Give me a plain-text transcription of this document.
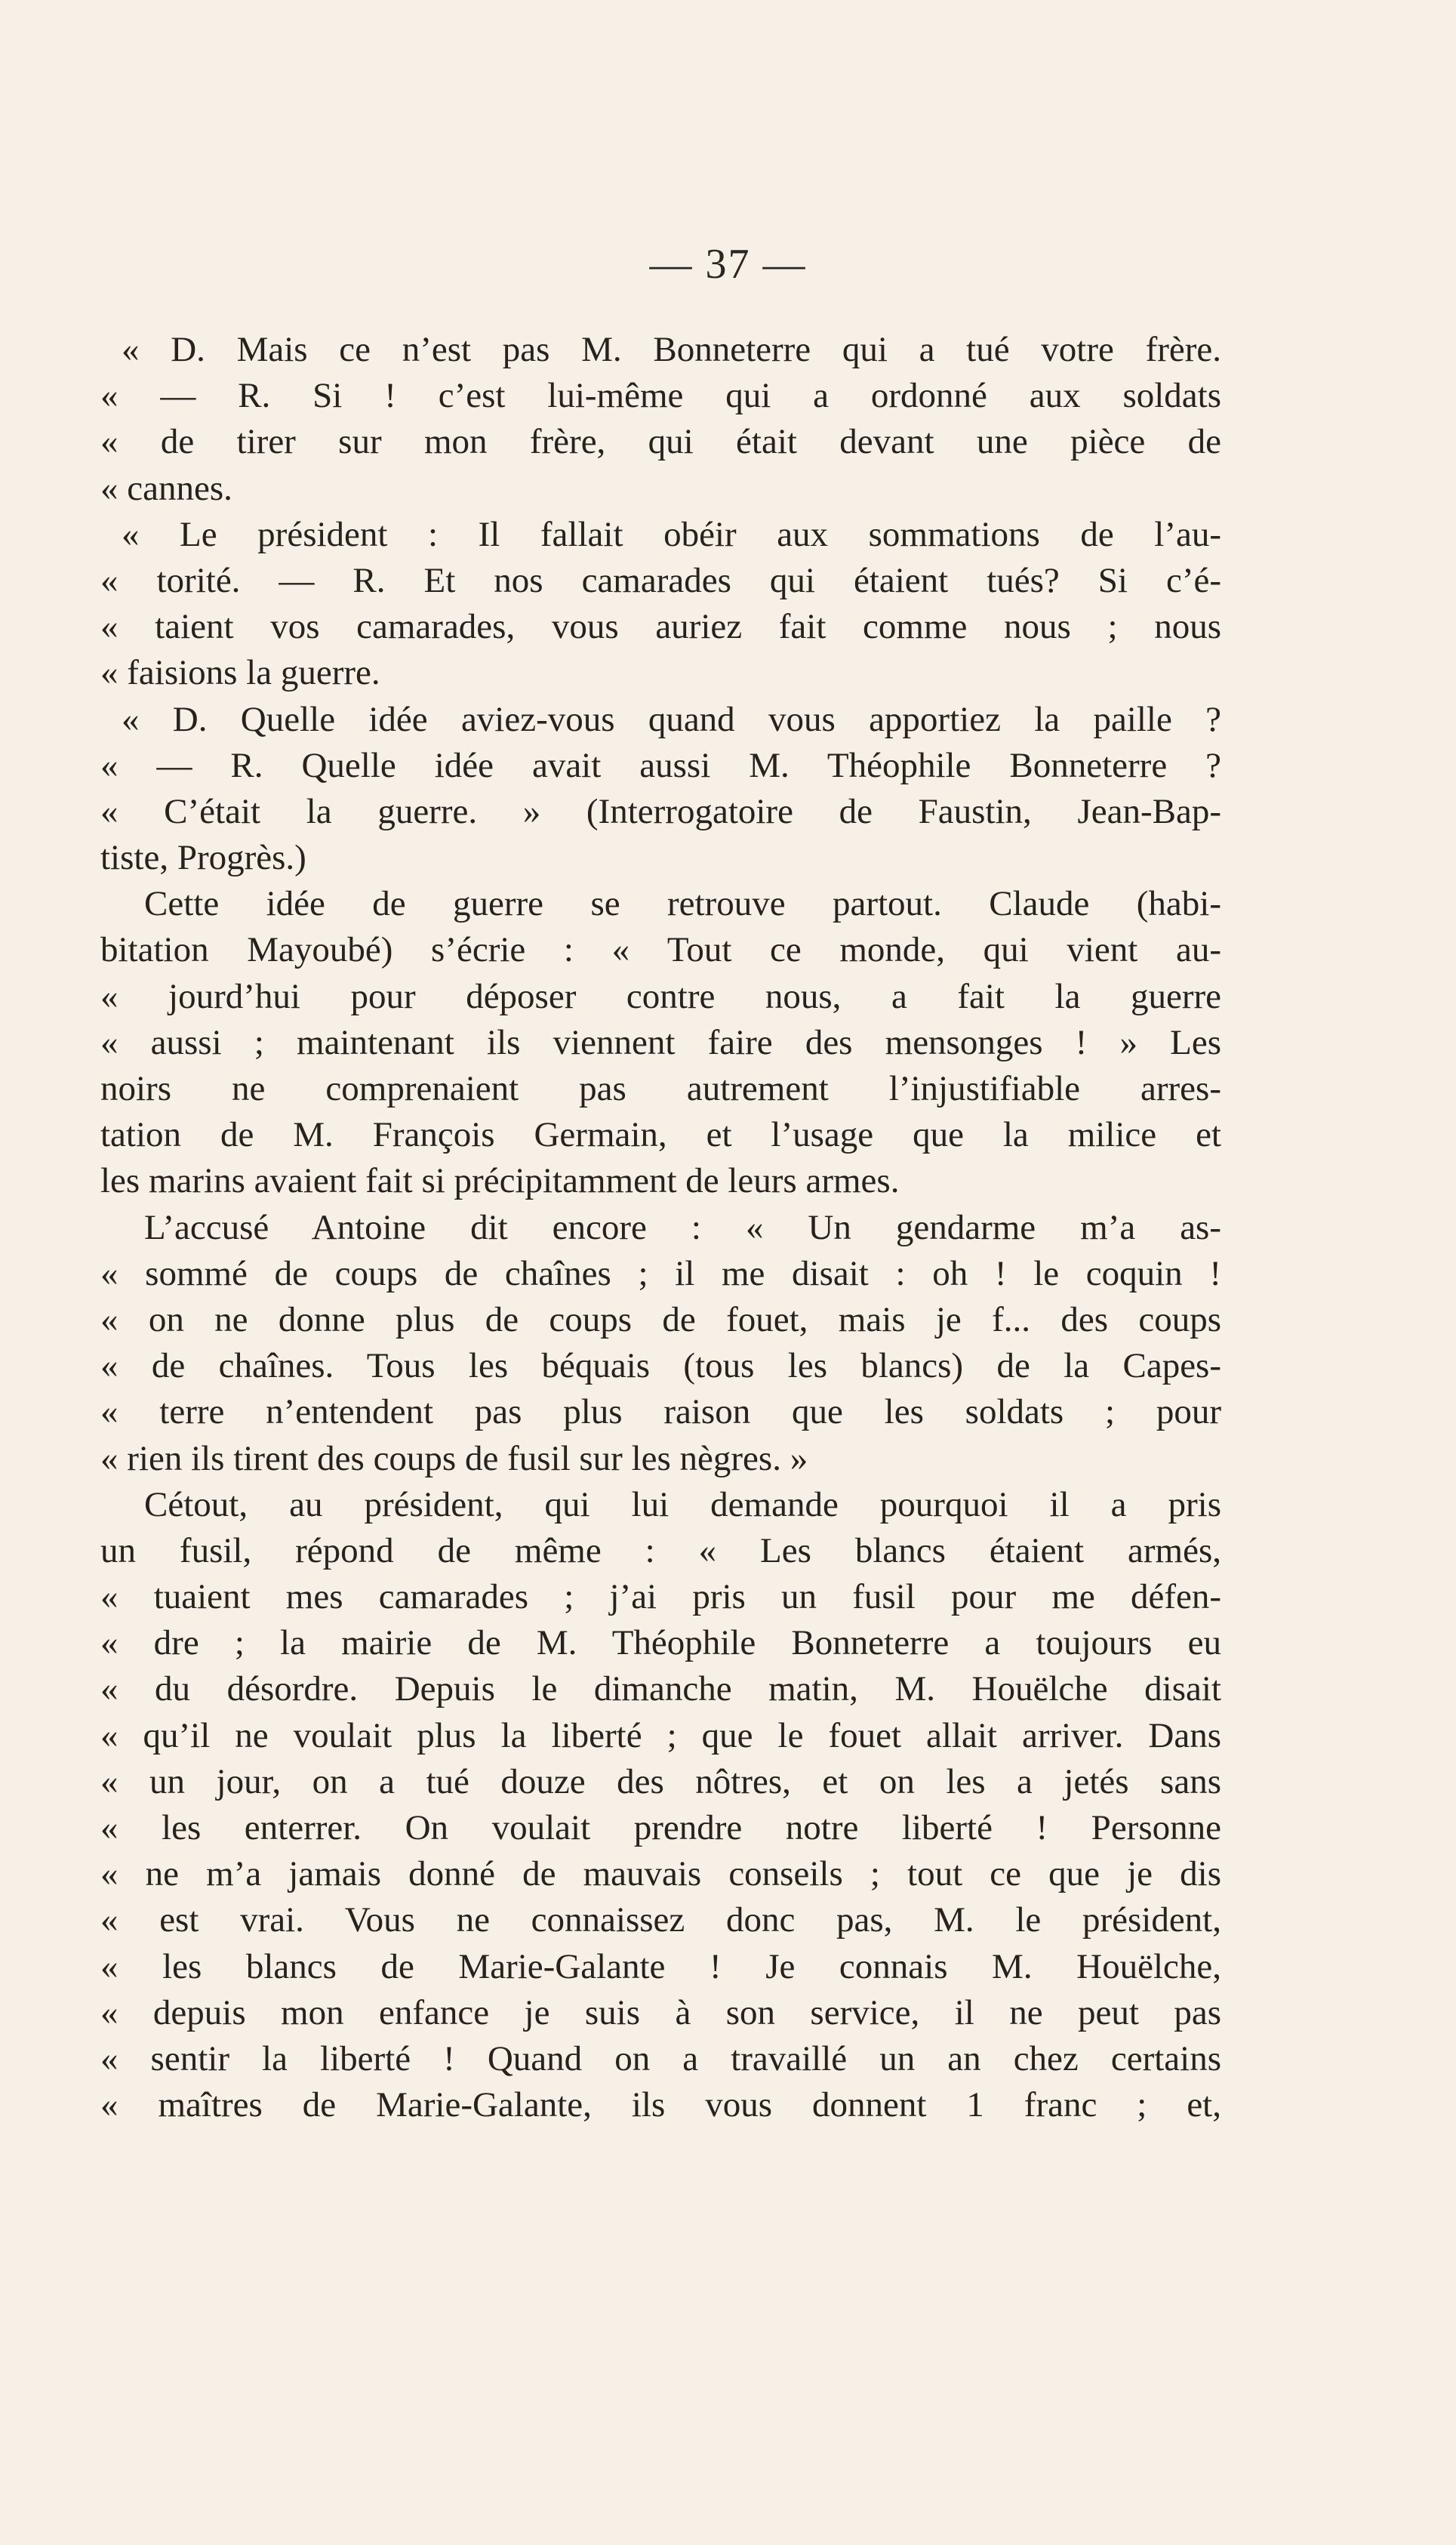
— 37 —
« D. Mais ce n’est pas M. Bonneterre qui a tué votre frère.
« — R. Si ! c’est lui-même qui a ordonné aux soldats
« de tirer sur mon frère, qui était devant une pièce de
« cannes.
« Le président : Il fallait obéir aux sommations de l’au-
« torité. — R. Et nos camarades qui étaient tués? Si c’é-
« taient vos camarades, vous auriez fait comme nous ; nous
« faisions la guerre.
« D. Quelle idée aviez-vous quand vous apportiez la paille ?
« — R. Quelle idée avait aussi M. Théophile Bonneterre ?
« C’était la guerre. » (Interrogatoire de Faustin, Jean-Bap-
tiste, Progrès.)
Cette idée de guerre se retrouve partout. Claude (habi-
bitation Mayoubé) s’écrie : « Tout ce monde, qui vient au-
« jourd’hui pour déposer contre nous, a fait la guerre
« aussi ; maintenant ils viennent faire des mensonges ! » Les
noirs ne comprenaient pas autrement l’injustifiable arres-
tation de M. François Germain, et l’usage que la milice et
les marins avaient fait si précipitamment de leurs armes.
L’accusé Antoine dit encore : « Un gendarme m’a as-
« sommé de coups de chaînes ; il me disait : oh ! le coquin !
« on ne donne plus de coups de fouet, mais je f... des coups
« de chaînes. Tous les béquais (tous les blancs) de la Capes-
« terre n’entendent pas plus raison que les soldats ; pour
« rien ils tirent des coups de fusil sur les nègres. »
Cétout, au président, qui lui demande pourquoi il a pris
un fusil, répond de même : « Les blancs étaient armés,
« tuaient mes camarades ; j’ai pris un fusil pour me défen-
« dre ; la mairie de M. Théophile Bonneterre a toujours eu
« du désordre. Depuis le dimanche matin, M. Houëlche disait
« qu’il ne voulait plus la liberté ; que le fouet allait arriver. Dans
« un jour, on a tué douze des nôtres, et on les a jetés sans
« les enterrer. On voulait prendre notre liberté ! Personne
« ne m’a jamais donné de mauvais conseils ; tout ce que je dis
« est vrai. Vous ne connaissez donc pas, M. le président,
« les blancs de Marie-Galante ! Je connais M. Houëlche,
« depuis mon enfance je suis à son service, il ne peut pas
« sentir la liberté ! Quand on a travaillé un an chez certains
« maîtres de Marie-Galante, ils vous donnent 1 franc ; et,
